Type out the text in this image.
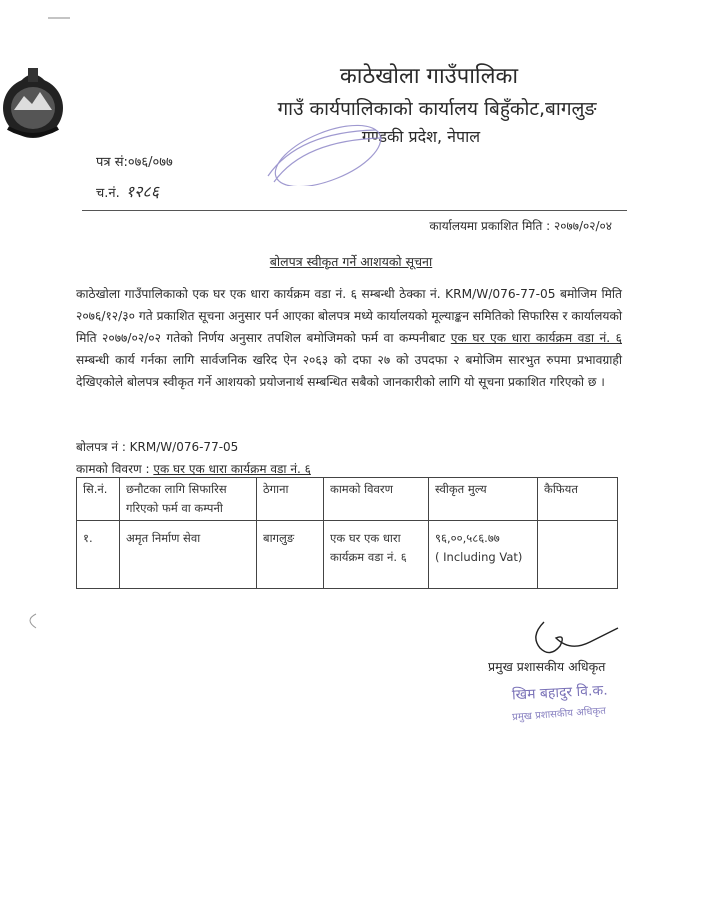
काठेखोला गाउँपालिका
गाउँ कार्यपालिकाको कार्यालय बिहुँकोट,बागलुङ
गण्डकी प्रदेश, नेपाल
पत्र सं:०७६/०७७
च.नं. १२८६
कार्यालयमा प्रकाशित मिति : २०७७/०२/०४
बोलपत्र स्वीकृत गर्ने आशयको सूचना
काठेखोला गाउँपालिकाको एक घर एक धारा कार्यक्रम वडा नं. ६ सम्बन्धी ठेक्का नं. KRM/W/076-77-05 बमोजिम मिति २०७६/१२/३० गते प्रकाशित सूचना अनुसार पर्न आएका बोलपत्र मध्ये कार्यालयको मूल्याङ्कन समितिको सिफारिस र कार्यालयको मिति २०७७/०२/०२ गतेको निर्णय अनुसार तपशिल बमोजिमको फर्म वा कम्पनीबाट एक घर एक धारा कार्यक्रम वडा नं. ६ सम्बन्धी कार्य गर्नका लागि सार्वजनिक खरिद ऐन २०६३ को दफा २७ को उपदफा २ बमोजिम सारभुत रुपमा प्रभावग्राही देखिएकोले बोलपत्र स्वीकृत गर्ने आशयको प्रयोजनार्थ सम्बन्धित सबैको जानकारीको लागि यो सूचना प्रकाशित गरिएको छ ।
बोलपत्र नं : KRM/W/076-77-05
कामको विवरण : एक घर एक धारा कार्यक्रम वडा नं. ६
सि.नं.	छनौटका लागि सिफारिस गरिएको फर्म वा कम्पनी	ठेगाना	कामको विवरण	स्वीकृत मुल्य	कैफियत
१.	अमृत निर्माण सेवा	बागलुङ	एक घर एक धारा कार्यक्रम वडा नं. ६	९६,००,५८६.७७
( Including Vat)	

प्रमुख प्रशासकीय अधिकृत
खिम बहादुर वि.क.
प्रमुख प्रशासकीय अधिकृत
